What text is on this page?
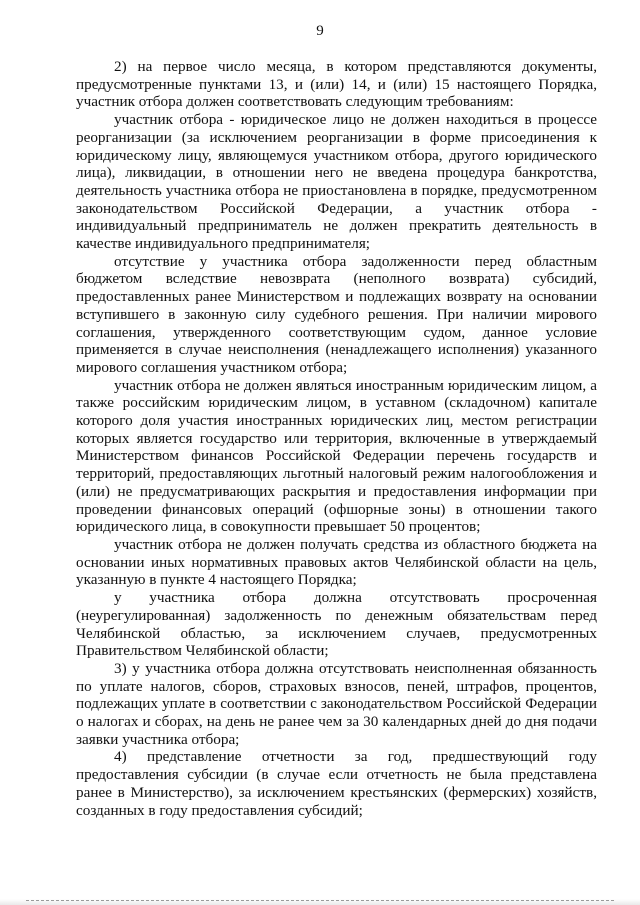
9

2) на первое число месяца, в котором представляются документы, предусмотренные пунктами 13, и (или) 14, и (или) 15 настоящего Порядка, участник отбора должен соответствовать следующим требованиям:

участник отбора - юридическое лицо не должен находиться в процессе реорганизации (за исключением реорганизации в форме присоединения к юридическому лицу, являющемуся участником отбора, другого юридического лица), ликвидации, в отношении него не введена процедура банкротства, деятельность участника отбора не приостановлена в порядке, предусмотренном законодательством Российской Федерации, а участник отбора - индивидуальный предприниматель не должен прекратить деятельность в качестве индивидуального предпринимателя;

отсутствие у участника отбора задолженности перед областным бюджетом вследствие невозврата (неполного возврата) субсидий, предоставленных ранее Министерством и подлежащих возврату на основании вступившего в законную силу судебного решения. При наличии мирового соглашения, утвержденного соответствующим судом, данное условие применяется в случае неисполнения (ненадлежащего исполнения) указанного мирового соглашения участником отбора;

участник отбора не должен являться иностранным юридическим лицом, а также российским юридическим лицом, в уставном (складочном) капитале которого доля участия иностранных юридических лиц, местом регистрации которых является государство или территория, включенные в утверждаемый Министерством финансов Российской Федерации перечень государств и территорий, предоставляющих льготный налоговый режим налогообложения и (или) не предусматривающих раскрытия и предоставления информации при проведении финансовых операций (офшорные зоны) в отношении такого юридического лица, в совокупности превышает 50 процентов;

участник отбора не должен получать средства из областного бюджета на основании иных нормативных правовых актов Челябинской области на цель, указанную в пункте 4 настоящего Порядка;

у участника отбора должна отсутствовать просроченная (неурегулированная) задолженность по денежным обязательствам перед Челябинской областью, за исключением случаев, предусмотренных Правительством Челябинской области;

3) у участника отбора должна отсутствовать неисполненная обязанность по уплате налогов, сборов, страховых взносов, пеней, штрафов, процентов, подлежащих уплате в соответствии с законодательством Российской Федерации о налогах и сборах, на день не ранее чем за 30 календарных дней до дня подачи заявки участника отбора;

4) представление отчетности за год, предшествующий году предоставления субсидии (в случае если отчетность не была представлена ранее в Министерство), за исключением крестьянских (фермерских) хозяйств, созданных в году предоставления субсидий;
